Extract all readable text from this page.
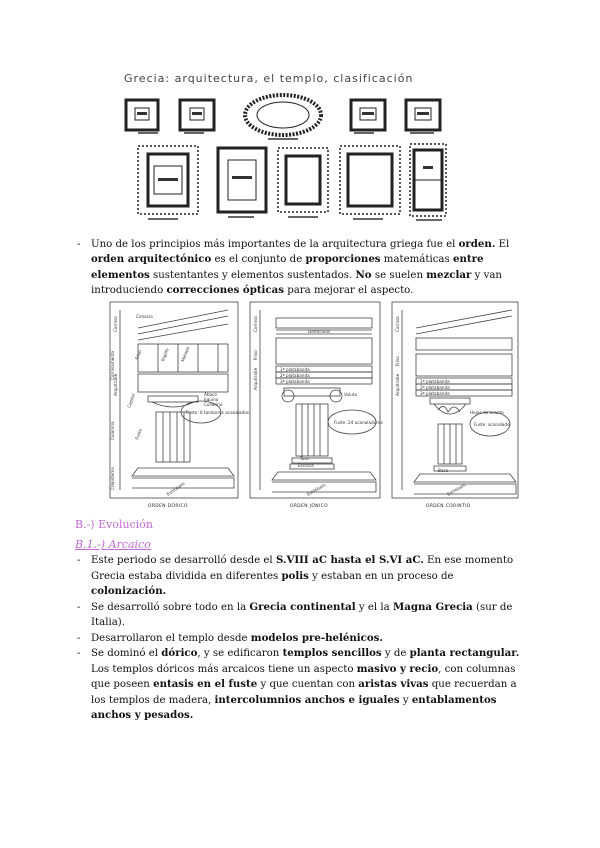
Grecia: arquitectura, el templo, clasificación
- Uno de los principios más importantes de la arquitectura griega fue el orden. El orden arquitectónico es el conjunto de proporciones matemáticas entre elementos sustentantes y elementos sustentados. No se suelen mezclar y van introduciendo correcciones ópticas para mejorar el aspecto.
Cornisa
Friso
Arquitrabe
Capitel
Fuste
Estilóbato
Cimacio
Triglifo	Metopa
Ábaco
Equino
Collarino
Fuste: 6 tambores acanalados
Cornisamento
Columna
Crepidoma
Cornisa
Friso
Arquitrabe	1ª platabanda
2ª platabanda
3ª platabanda
Dentículos
Voluta
Fuste: 24 acanaladuras
Toro
Escocia
Estilóbato
Cornisa
Friso
Arquitrabe	1ª platabanda
2ª platabanda
3ª platabanda
Hojas de acanto
Fuste: acanalado
Basa
Estilóbato
ORDEN DÓRICO	ORDEN JÓNICO	ORDEN CORINTIO
B.-) Evolución
B.1.-) Arcaico
- Este periodo se desarrolló desde el S.VIII aC hasta el S.VI aC. En ese momento Grecia estaba dividida en diferentes polis y estaban en un proceso de colonización.
- Se desarrolló sobre todo en la Grecia continental y el la Magna Grecia (sur de Italia).
- Desarrollaron el templo desde modelos pre-helénicos.
- Se dominó el dórico, y se edificaron templos sencillos y de planta rectangular. Los templos dóricos más arcaicos tiene un aspecto masivo y recio, con columnas que poseen entasis en el fuste y que cuentan con aristas vivas que recuerdan a los templos de madera, intercolumnios anchos e iguales y entablamentos anchos y pesados.
